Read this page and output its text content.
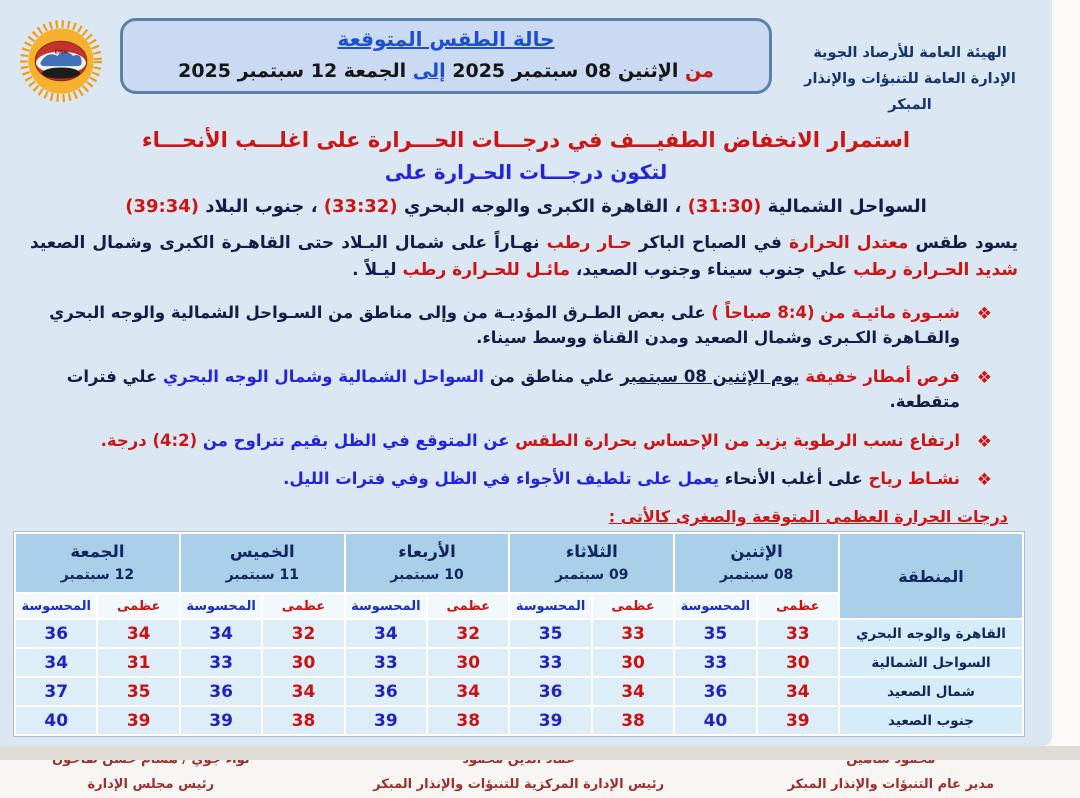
الهيئة العامة للأرصاد الجوية
الإدارة العامة للتنبؤات والإنذار المبكر
حالة الطقس المتوقعة
من الإثنين 08 سبتمبر 2025 إلى الجمعة 12 سبتمبر 2025
EMA
استمرار الانخفاض الطفيـــف في درجـــات الحـــرارة على اغلـــب الأنحـــاء
لتكون درجـــات الحـرارة على
السواحل الشمالية (31:30) ، القاهرة الكبرى والوجه البحري (33:32) ، جنوب البلاد (39:34)
يسود طقس معتدل الحرارة في الصباح الباكر حـار رطب نهـاراً على شمال البـلاد حتى القاهـرة الكبرى وشمال الصعيد شديد الحـرارة رطب علي جنوب سيناء وجنوب الصعيد، مائـل للحـرارة رطب ليـلاً .
❖
شبـورة مائيـة من (8:4 صباحاً ) على بعض الطـرق المؤديـة من وإلى مناطق من السـواحل الشمالية والوجه البحري والقـاهرة الكـبرى وشمال الصعيد ومدن القناة ووسط سيناء.
❖
فرص أمطار خفيفة يوم الإثنين 08 سبتمبر علي مناطق من السواحل الشمالية وشمال الوجه البحري علي فترات متقطعة.
❖
ارتفاع نسب الرطوبة يزيد من الإحساس بحرارة الطقس عن المتوقع في الظل بقيم تتراوح من (4:2) درجة.
❖
نشـاط رياح على أغلب الأنحاء يعمل على تلطيف الأجواء في الظل وفي فترات الليل.
درجات الحرارة العظمى المتوقعة والصغرى كالأتى :
المنطقة	
الإثنين
08 سبتمبر

الثلاثاء
09 سبتمبر

الأربعاء
10 سبتمبر

الخميس
11 سبتمبر

الجمعة
12 سبتمبر

	عظمى	المحسوسة	عظمى	المحسوسة	عظمى	المحسوسة	عظمى	المحسوسة	عظمى	المحسوسة
القاهرة والوجه البحري	33	35	33	35	32	34	32	34	34	36
السواحل الشمالية	30	33	30	33	30	33	30	33	31	34
شمال الصعيد	34	36	34	36	34	36	34	36	35	37
جنوب الصعيد	39	40	38	39	38	39	38	39	39	40
مدير عام التنبؤات والإنذار المبكر
رئيس الإدارة المركزية للتنبؤات والإنذار المبكر
رئيس مجلس الإدارة
